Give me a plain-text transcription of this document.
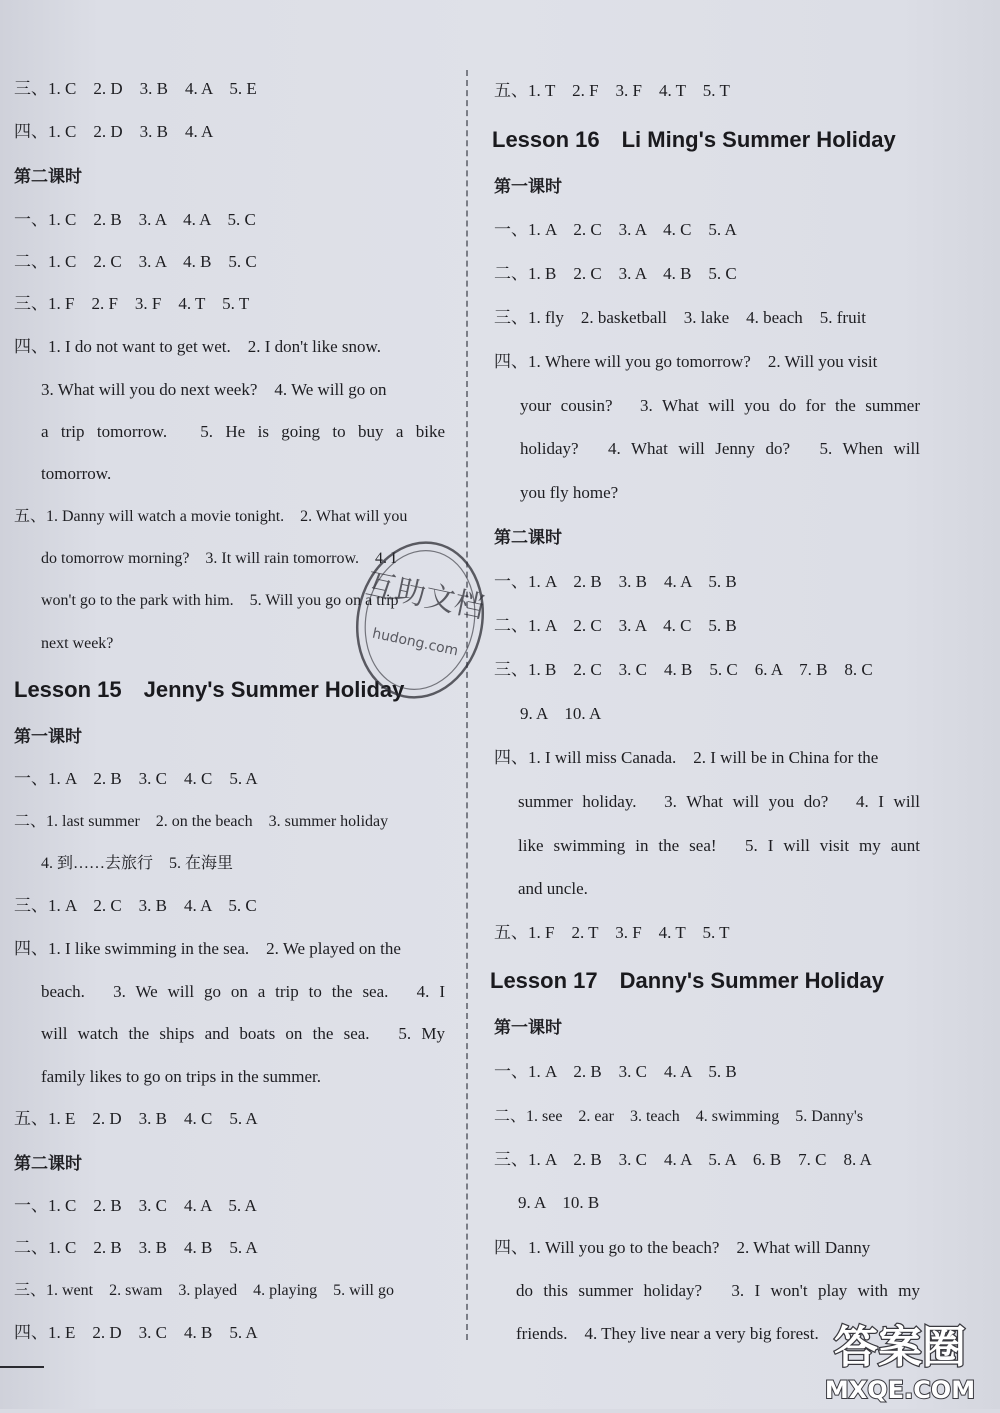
三、1. C　2. D　3. B　4. A　5. E
四、1. C　2. D　3. B　4. A
第二课时
一、1. C　2. B　3. A　4. A　5. C
二、1. C　2. C　3. A　4. B　5. C
三、1. F　2. F　3. F　4. T　5. T
四、1. I do not want to get wet.　2. I don't like snow.
3. What will you do next week?　4. We will go on
a trip tomorrow.　5. He is going to buy a bike
tomorrow.
五、1. Danny will watch a movie tonight.　2. What will you
do tomorrow morning?　3. It will rain tomorrow.　4. I
won't go to the park with him.　5. Will you go on a trip
next week?
Lesson 15　Jenny's Summer Holiday
第一课时
一、1. A　2. B　3. C　4. C　5. A
二、1. last summer　2. on the beach　3. summer holiday
4. 到……去旅行　5. 在海里
三、1. A　2. C　3. B　4. A　5. C
四、1. I like swimming in the sea.　2. We played on the
beach.　3. We will go on a trip to the sea.　4. I
will watch the ships and boats on the sea.　5. My
family likes to go on trips in the summer.
五、1. E　2. D　3. B　4. C　5. A
第二课时
一、1. C　2. B　3. C　4. A　5. A
二、1. C　2. B　3. B　4. B　5. A
三、1. went　2. swam　3. played　4. playing　5. will go
四、1. E　2. D　3. C　4. B　5. A
五、1. T　2. F　3. F　4. T　5. T
Lesson 16　Li Ming's Summer Holiday
第一课时
一、1. A　2. C　3. A　4. C　5. A
二、1. B　2. C　3. A　4. B　5. C
三、1. fly　2. basketball　3. lake　4. beach　5. fruit
四、1. Where will you go tomorrow?　2. Will you visit
your cousin?　3. What will you do for the summer
holiday?　4. What will Jenny do?　5. When will
you fly home?
第二课时
一、1. A　2. B　3. B　4. A　5. B
二、1. A　2. C　3. A　4. C　5. B
三、1. B　2. C　3. C　4. B　5. C　6. A　7. B　8. C
9. A　10. A
四、1. I will miss Canada.　2. I will be in China for the
summer holiday.　3. What will you do?　4. I will
like swimming in the sea!　5. I will visit my aunt
and uncle.
五、1. F　2. T　3. F　4. T　5. T
Lesson 17　Danny's Summer Holiday
第一课时
一、1. A　2. B　3. C　4. A　5. B
二、1. see　2. ear　3. teach　4. swimming　5. Danny's
三、1. A　2. B　3. C　4. A　5. A　6. B　7. C　8. A
9. A　10. B
四、1. Will you go to the beach?　2. What will Danny
do this summer holiday?　3. I won't play with my
friends.　4. They live near a very big forest.
互助文档
hudong.com
答案圈
MXQE.COM
